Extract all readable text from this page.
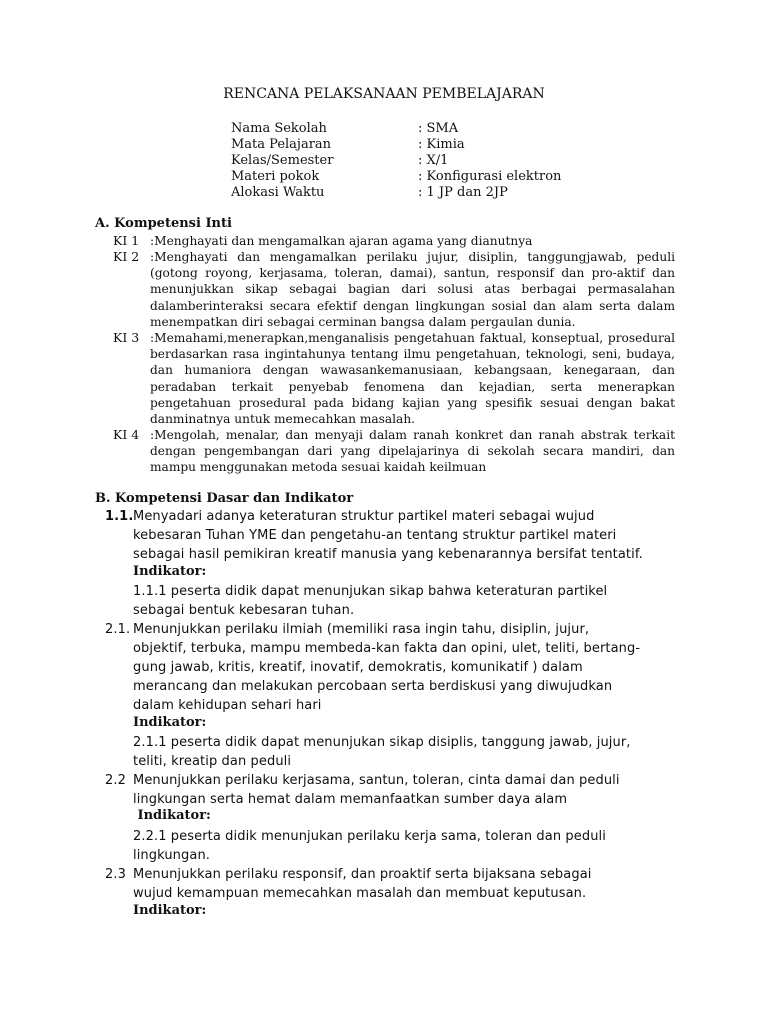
RENCANA PELAKSANAAN PEMBELAJARAN
Nama Sekolah	: SMA
Mata Pelajaran	: Kimia
Kelas/Semester	: X/1
Materi pokok	: Konfigurasi elektron
Alokasi Waktu	: 1 JP dan 2JP
A. Kompetensi Inti
KI 1 :Menghayati dan mengamalkan ajaran agama yang dianutnya
KI 2 :Menghayati dan mengamalkan perilaku jujur, disiplin, tanggungjawab, peduli (gotong royong, kerjasama, toleran, damai), santun, responsif dan pro-aktif dan menunjukkan sikap sebagai bagian dari solusi atas berbagai permasalahan dalamberinteraksi secara efektif dengan lingkungan sosial dan alam serta dalam menempatkan diri sebagai cerminan bangsa dalam pergaulan dunia.
KI 3 :Memahami,menerapkan,menganalisis pengetahuan faktual, konseptual, prosedural berdasarkan rasa ingintahunya tentang ilmu pengetahuan, teknologi, seni, budaya, dan humaniora dengan wawasankemanusiaan, kebangsaan, kenegaraan, dan peradaban terkait penyebab fenomena dan kejadian, serta menerapkan pengetahuan prosedural pada bidang kajian yang spesifik sesuai dengan bakat danminatnya untuk memecahkan masalah.
KI 4 :Mengolah, menalar, dan menyaji dalam ranah konkret dan ranah abstrak terkait dengan pengembangan dari yang dipelajarinya di sekolah secara mandiri, dan mampu menggunakan metoda sesuai kaidah keilmuan
B. Kompetensi Dasar dan Indikator
1.1. Menyadari adanya keteraturan struktur partikel materi sebagai wujud
kebesaran Tuhan YME dan pengetahu-an tentang struktur partikel materi
sebagai hasil pemikiran kreatif manusia yang kebenarannya bersifat tentatif.
Indikator:
1.1.1 peserta didik dapat menunjukan sikap bahwa keteraturan partikel
sebagai bentuk kebesaran tuhan.
2.1. Menunjukkan perilaku ilmiah (memiliki rasa ingin tahu, disiplin, jujur,
objektif, terbuka, mampu membeda-kan fakta dan opini, ulet, teliti, bertang-
gung jawab, kritis, kreatif, inovatif, demokratis, komunikatif ) dalam
merancang dan melakukan percobaan serta berdiskusi yang diwujudkan
dalam kehidupan sehari hari
Indikator:
2.1.1 peserta didik dapat menunjukan sikap disiplis, tanggung jawab, jujur,
teliti, kreatip dan peduli
2.2 Menunjukkan perilaku kerjasama, santun, toleran, cinta damai dan peduli
lingkungan serta hemat dalam memanfaatkan sumber daya alam
Indikator:
2.2.1 peserta didik menunjukan perilaku kerja sama, toleran dan peduli
lingkungan.
2.3 Menunjukkan perilaku responsif, dan proaktif serta bijaksana sebagai
wujud kemampuan memecahkan masalah dan membuat keputusan.
Indikator:
